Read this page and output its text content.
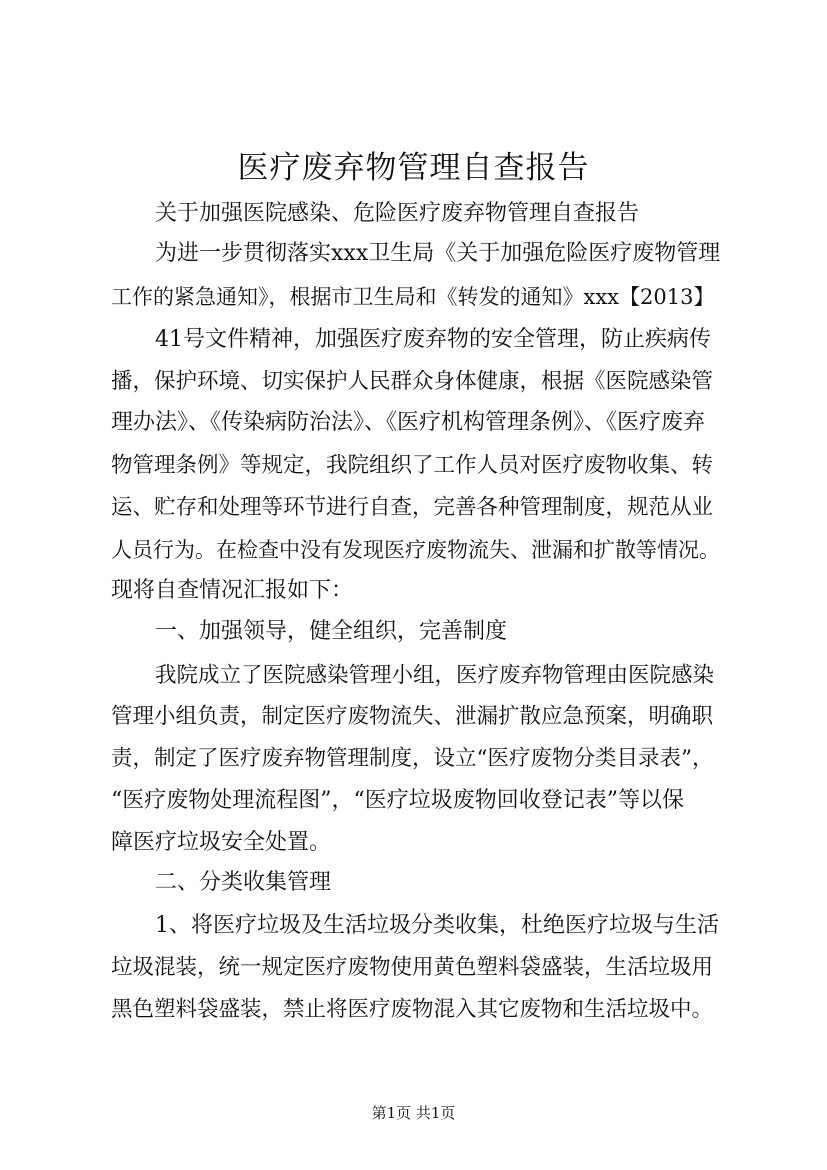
医疗废弃物管理自查报告
关于加强医院感染、危险医疗废弃物管理自查报告
为进一步贯彻落实xxx卫生局《关于加强危险医疗废物管理
工作的紧急通知》，根据市卫生局和《转发的通知》xxx【2013】
41号文件精神，加强医疗废弃物的安全管理，防止疾病传
播，保护环境、切实保护人民群众身体健康，根据《医院感染管
理办法》、《传染病防治法》、《医疗机构管理条例》、《医疗废弃
物管理条例》等规定，我院组织了工作人员对医疗废物收集、转
运、贮存和处理等环节进行自查，完善各种管理制度，规范从业
人员行为。在检查中没有发现医疗废物流失、泄漏和扩散等情况。
现将自查情况汇报如下：
一、加强领导，健全组织，完善制度
我院成立了医院感染管理小组，医疗废弃物管理由医院感染
管理小组负责，制定医疗废物流失、泄漏扩散应急预案，明确职
责，制定了医疗废弃物管理制度，设立“医疗废物分类目录表”，
“医疗废物处理流程图”，“医疗垃圾废物回收登记表”等以保
障医疗垃圾安全处置。
二、分类收集管理
1、将医疗垃圾及生活垃圾分类收集，杜绝医疗垃圾与生活
垃圾混装，统一规定医疗废物使用黄色塑料袋盛装，生活垃圾用
黑色塑料袋盛装，禁止将医疗废物混入其它废物和生活垃圾中。
第1页 共1页
